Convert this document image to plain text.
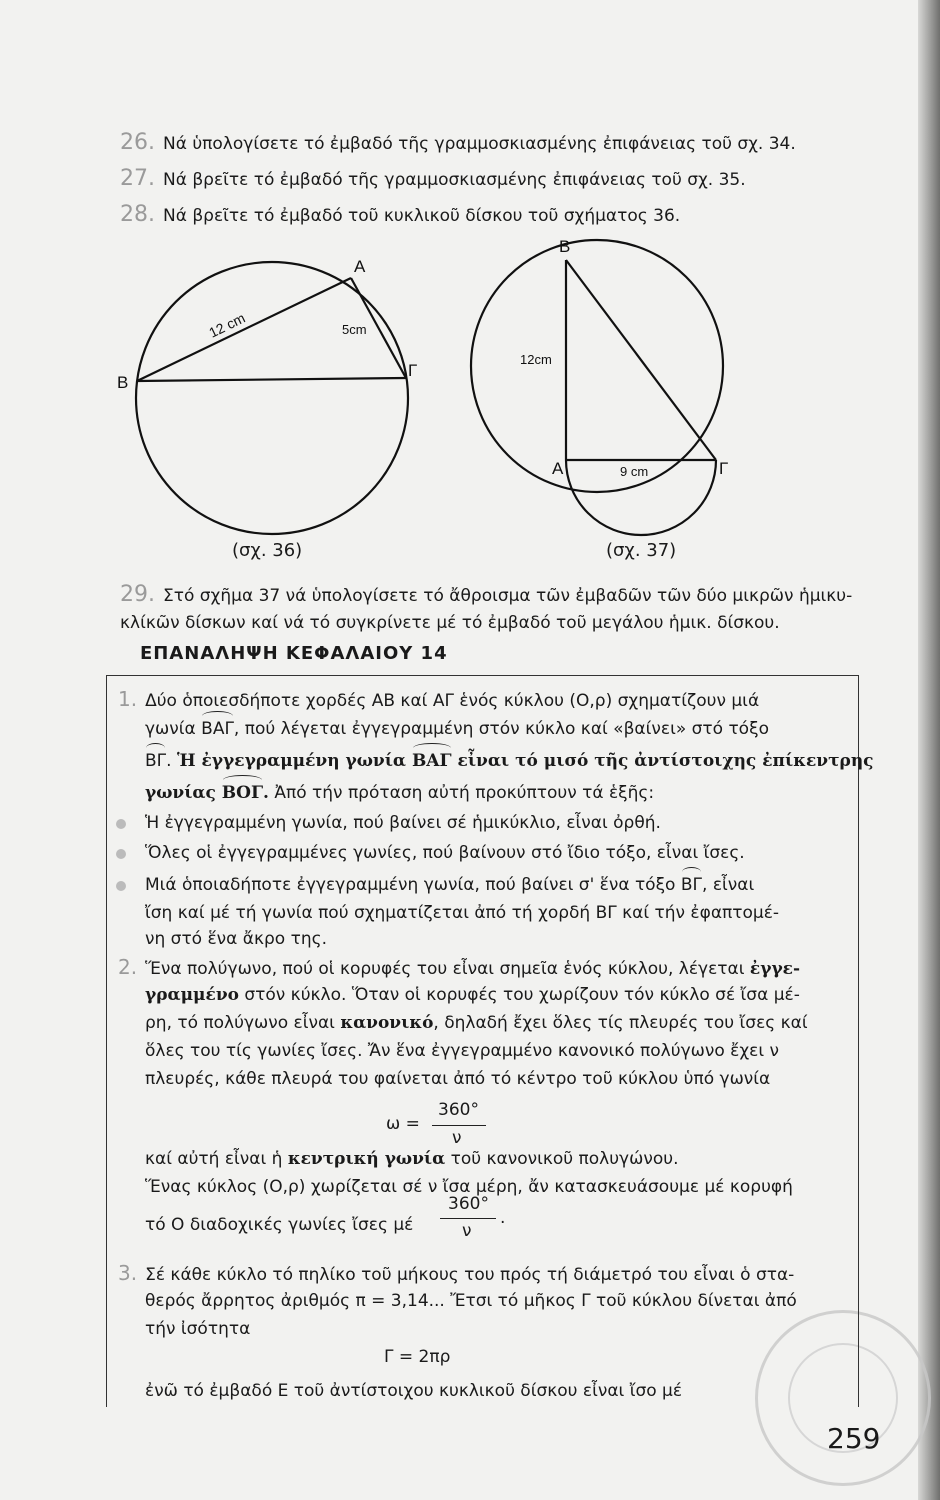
26. Νά ὑπολογίσετε τό ἐμβαδό τῆς γραμμοσκιασμένης ἐπιφάνειας τοῦ σχ. 34.
27. Νά βρεῖτε τό ἐμβαδό τῆς γραμμοσκιασμένης ἐπιφάνειας τοῦ σχ. 35.
28. Νά βρεῖτε τό ἐμβαδό τοῦ κυκλικοῦ δίσκου τοῦ σχήματος 36.
A
B
Γ
12 cm	5cm
B
A	Γ
12cm
9 cm
(σχ. 36)	(σχ. 37)
29. Στό σχῆμα 37 νά ὑπολογίσετε τό ἄθροισμα τῶν ἐμβαδῶν τῶν δύο μικρῶν ἡμικυ-
κλίκῶν δίσκων καί νά τό συγκρίνετε μέ τό ἐμβαδό τοῦ μεγάλου ἡμικ. δίσκου.
ΕΠΑΝΑΛΗΨΗ ΚΕΦΑΛΑΙΟΥ 14
1. Δύο ὁποιεσδήποτε χορδές ΑΒ καί ΑΓ ἑνός κύκλου (Ο,ρ) σχηματίζουν μιά
γωνία ΒΑΓ, πού λέγεται ἐγγεγραμμένη στόν κύκλο καί «βαίνει» στό τόξο
ΒΓ. Ἡ ἐγγεγραμμένη γωνία ΒΑΓ εἶναι τό μισό τῆς ἀντίστοιχης ἐπίκεντρης
γωνίας ΒΟΓ. Ἀπό τήν πρόταση αὐτή προκύπτουν τά ἑξῆς:
Ἡ ἐγγεγραμμένη γωνία, πού βαίνει σέ ἡμικύκλιο, εἶναι ὀρθή.
Ὅλες οἱ ἐγγεγραμμένες γωνίες, πού βαίνουν στό ἴδιο τόξο, εἶναι ἴσες.
Μιά ὁποιαδήποτε ἐγγεγραμμένη γωνία, πού βαίνει σ' ἕνα τόξο ΒΓ, εἶναι
ἴση καί μέ τή γωνία πού σχηματίζεται ἀπό τή χορδή ΒΓ καί τήν ἐφαπτομέ-
νη στό ἕνα ἄκρο της.
2. Ἕνα πολύγωνο, πού οἱ κορυφές του εἶναι σημεῖα ἑνός κύκλου, λέγεται ἐγγε-
γραμμένο στόν κύκλο. Ὅταν οἱ κορυφές του χωρίζουν τόν κύκλο σέ ἴσα μέ-
ρη, τό πολύγωνο εἶναι κανονικό, δηλαδή ἔχει ὅλες τίς πλευρές του ἴσες καί
ὅλες του τίς γωνίες ἴσες. Ἄν ἕνα ἐγγεγραμμένο κανονικό πολύγωνο ἔχει ν
πλευρές, κάθε πλευρά του φαίνεται ἀπό τό κέντρο τοῦ κύκλου ὑπό γωνία
ω =
360°
ν
καί αὐτή εἶναι ἡ κεντρική γωνία τοῦ κανονικοῦ πολυγώνου.
Ἕνας κύκλος (Ο,ρ) χωρίζεται σέ ν ἴσα μέρη, ἄν κατασκευάσουμε μέ κορυφή
τό Ο διαδοχικές γωνίες ἴσες μέ
360°
ν
.
3. Σέ κάθε κύκλο τό πηλίκο τοῦ μήκους του πρός τή διάμετρό του εἶναι ὁ στα-
θερός ἄρρητος ἀριθμός π = 3,14... Ἔτσι τό μῆκος Γ τοῦ κύκλου δίνεται ἀπό
τήν ἰσότητα
Γ = 2πρ
ἐνῶ τό ἐμβαδό Ε τοῦ ἀντίστοιχου κυκλικοῦ δίσκου εἶναι ἴσο μέ
259
